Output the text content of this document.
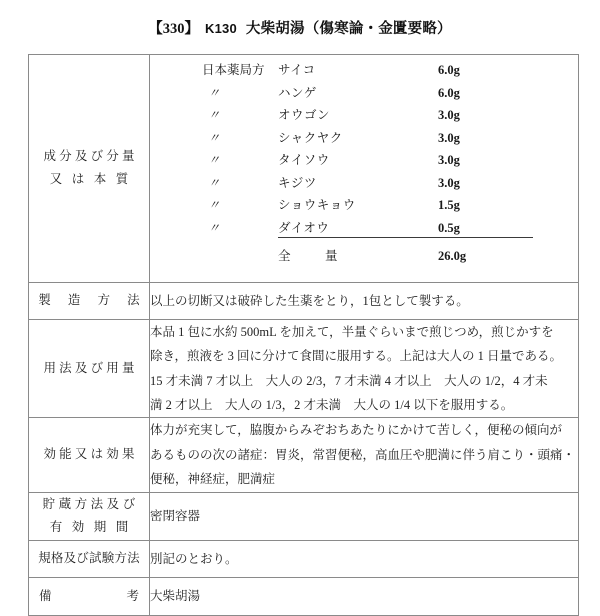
【330】 K130 大柴胡湯（傷寒論・金匱要略）
成分及び分量
又 は 本 質

日本薬局方	サイコ	6.0g
〃	ハンゲ	6.0g
〃	オウゴン	3.0g
〃	シャクヤク	3.0g
〃	タイソウ	3.0g
〃	キジツ	3.0g
〃	ショウキョウ	1.5g
〃	ダイオウ	0.5g
全	量	26.0g

製 造 方 法	以上の切断又は破砕した生薬をとり，1包として製する。

用法及び用量	本品 1 包に水約 500mL を加えて，半量ぐらいまで煎じつめ，煎じかすを
除き，煎液を 3 回に分けて食間に服用する。上記は大人の 1 日量である。
15 才未満 7 才以上　大人の 2/3，7 才未満 4 才以上　大人の 1/2，4 才未
満 2 才以上　大人の 1/3，2 才未満　大人の 1/4 以下を服用する。

効能又は効果	体力が充実して，脇腹からみぞおちあたりにかけて苦しく，便秘の傾向が
あるものの次の諸症：胃炎，常習便秘，高血圧や肥満に伴う肩こり・頭痛・
便秘，神経症，肥満症

貯 蔵 方 法 及 び
有 効 期 間	密閉容器

規格及び試験方法	別記のとおり。

備 考	大柴胡湯
